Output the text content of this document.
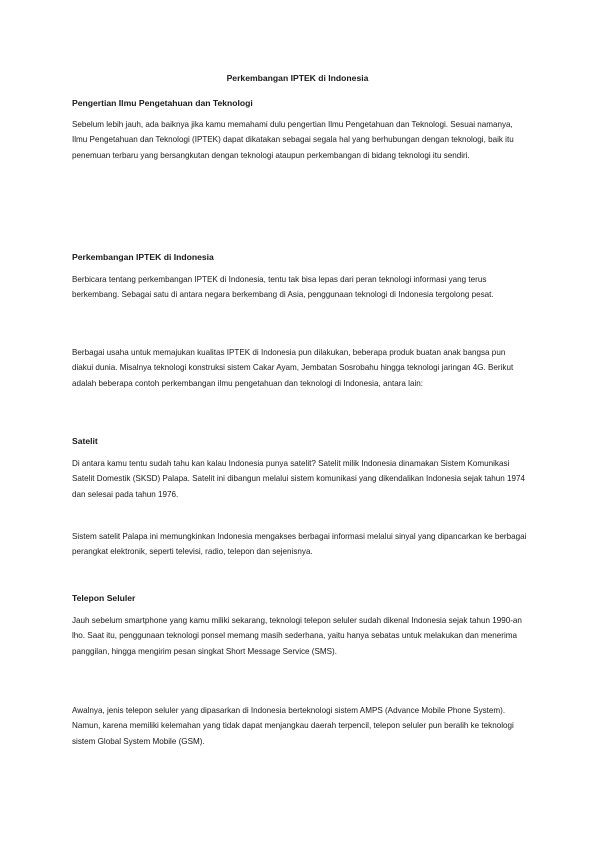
Perkembangan IPTEK di Indonesia
Pengertian Ilmu Pengetahuan dan Teknologi

Sebelum lebih jauh, ada baiknya jika kamu memahami dulu pengertian Ilmu Pengetahuan dan Teknologi. Sesuai namanya, Ilmu Pengetahuan dan Teknologi (IPTEK) dapat dikatakan sebagai segala hal yang berhubungan dengan teknologi, baik itu penemuan terbaru yang bersangkutan dengan teknologi ataupun perkembangan di bidang teknologi itu sendiri.

Perkembangan IPTEK di Indonesia

Berbicara tentang perkembangan IPTEK di Indonesia, tentu tak bisa lepas dari peran teknologi informasi yang terus berkembang. Sebagai satu di antara negara berkembang di Asia, penggunaan teknologi di Indonesia tergolong pesat.

Berbagai usaha untuk memajukan kualitas IPTEK di Indonesia pun dilakukan, beberapa produk buatan anak bangsa pun diakui dunia. Misalnya teknologi konstruksi sistem Cakar Ayam, Jembatan Sosrobahu hingga teknologi jaringan 4G. Berikut adalah beberapa contoh perkembangan ilmu pengetahuan dan teknologi di Indonesia, antara lain:

Satelit

Di antara kamu tentu sudah tahu kan kalau Indonesia punya satelit? Satelit milik Indonesia dinamakan Sistem Komunikasi Satelit Domestik (SKSD) Palapa. Satelit ini dibangun melalui sistem komunikasi yang dikendalikan Indonesia sejak tahun 1974 dan selesai pada tahun 1976.

Sistem satelit Palapa ini memungkinkan Indonesia mengakses berbagai informasi melalui sinyal yang dipancarkan ke berbagai perangkat elektronik, seperti televisi, radio, telepon dan sejenisnya.

Telepon Seluler

Jauh sebelum smartphone yang kamu miliki sekarang, teknologi telepon seluler sudah dikenal Indonesia sejak tahun 1990-an lho. Saat itu, penggunaan teknologi ponsel memang masih sederhana, yaitu hanya sebatas untuk melakukan dan menerima panggilan, hingga mengirim pesan singkat Short Message Service (SMS).

Awalnya, jenis telepon seluler yang dipasarkan di Indonesia berteknologi sistem AMPS (Advance Mobile Phone System). Namun, karena memiliki kelemahan yang tidak dapat menjangkau daerah terpencil, telepon seluler pun beralih ke teknologi sistem Global System Mobile (GSM).
